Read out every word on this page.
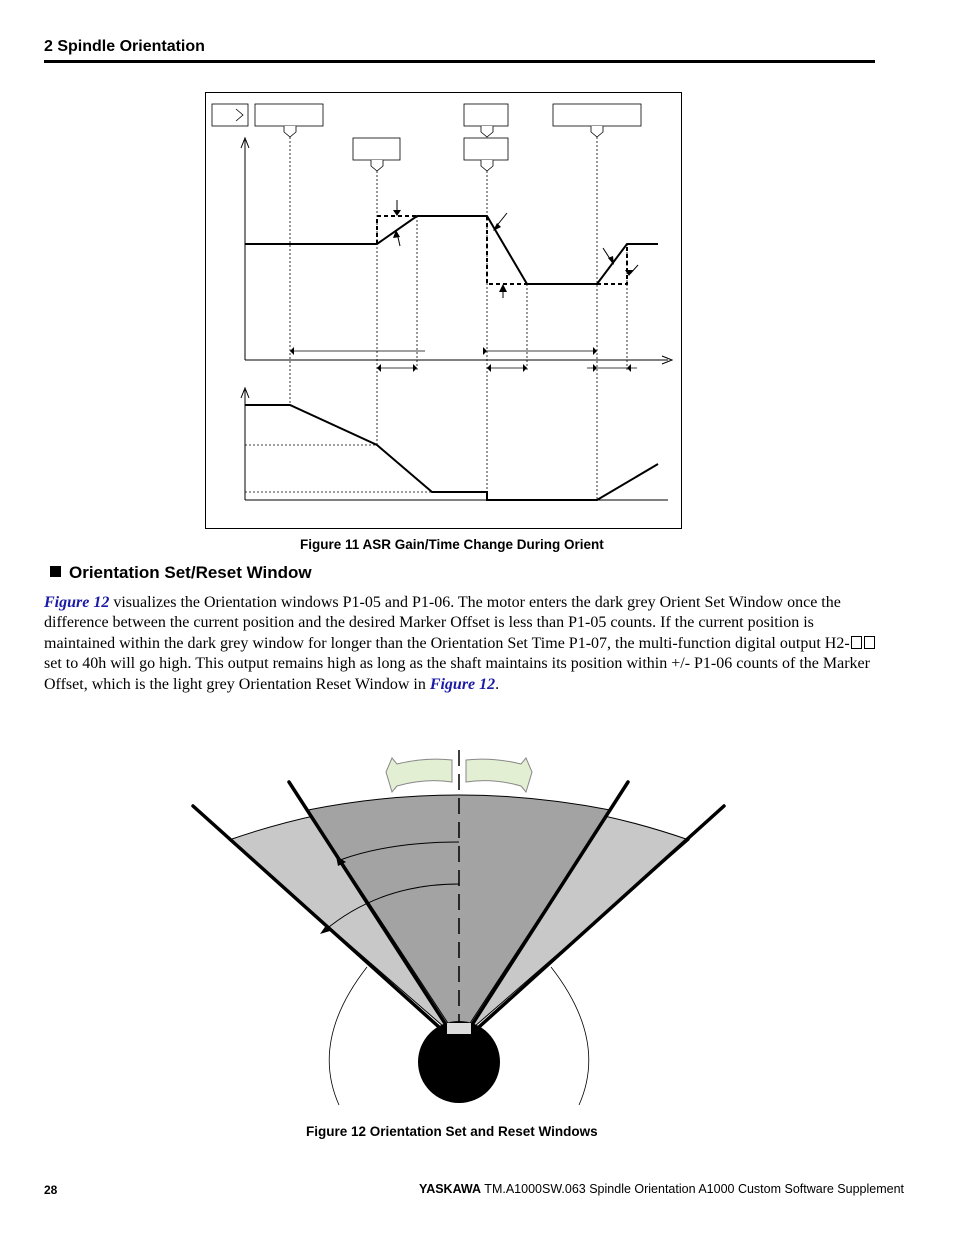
2 Spindle Orientation
Figure 11 ASR Gain/Time Change During Orient
Orientation Set/Reset Window
Figure 12 visualizes the Orientation windows P1-05 and P1-06. The motor enters the dark grey Orient Set Window once the difference between the current position and the desired Marker Offset is less than P1-05 counts. If the current position is maintained within the dark grey window for longer than the Orientation Set Time P1-07, the multi-function digital output H2- set to 40h will go high. This output remains high as long as the shaft maintains its position within +/- P1-06 counts of the Marker Offset, which is the light grey Orientation Reset Window in Figure 12.
Figure 12 Orientation Set and Reset Windows
28	YASKAWA TM.A1000SW.063 Spindle Orientation A1000 Custom Software Supplement
